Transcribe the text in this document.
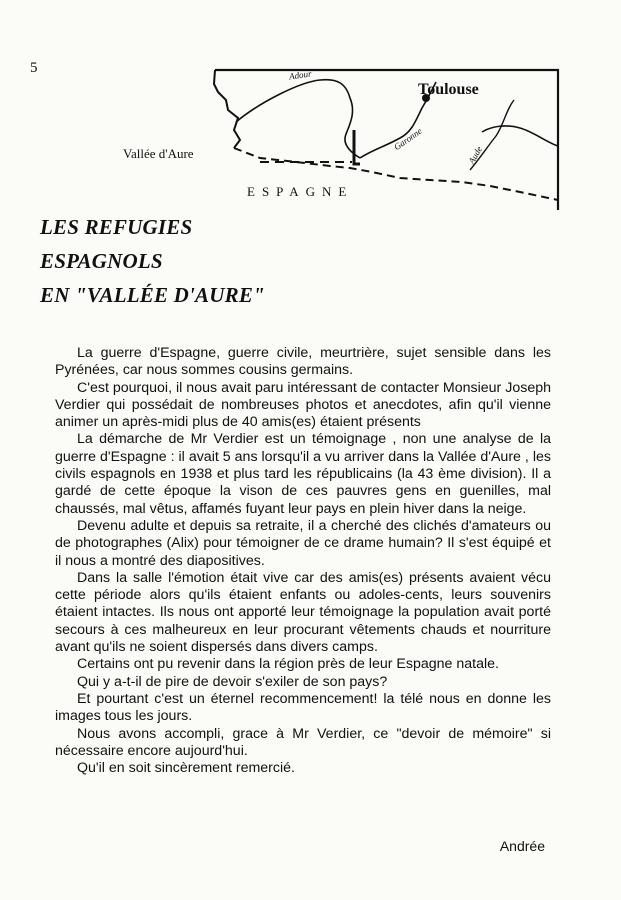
5
Vallée d'Aure
Toulouse
ESPAGNE
Adour
Garonne
Aude
LES REFUGIES
ESPAGNOLS
EN "VALLÉE D'AURE"

La guerre d'Espagne, guerre civile, meurtrière, sujet sensible dans les Pyrénées, car nous sommes cousins germains.

C'est pourquoi, il nous avait paru intéressant de contacter Monsieur Joseph Verdier qui possédait de nombreuses photos et anecdotes, afin qu'il vienne animer un après-midi plus de 40 amis(es) étaient présents

La démarche de Mr Verdier est un témoignage , non une analyse de la guerre d'Espagne : il avait 5 ans lorsqu'il a vu arriver dans la Vallée d'Aure , les civils espagnols en 1938 et plus tard les républicains (la 43 ème division). Il a gardé de cette époque la vison de ces pauvres gens en guenilles, mal chaussés, mal vêtus, affamés fuyant leur pays en plein hiver dans la neige.

Devenu adulte et depuis sa retraite, il a cherché des clichés d'amateurs ou de photographes (Alix) pour témoigner de ce drame humain? Il s'est équipé et il nous a montré des diapositives.

Dans la salle l'émotion était vive car des amis(es) présents avaient vécu cette période alors qu'ils étaient enfants ou adoles-cents, leurs souvenirs étaient intactes. Ils nous ont apporté leur témoignage la population avait porté secours à ces malheureux en leur procurant vêtements chauds et nourriture avant qu'ils ne soient dispersés dans divers camps.

Certains ont pu revenir dans la région près de leur Espagne natale.

Qui y a-t-il de pire de devoir s'exiler de son pays?

Et pourtant c'est un éternel recommencement! la télé nous en donne les images tous les jours.

Nous avons accompli, grace à Mr Verdier, ce "devoir de mémoire" si nécessaire encore aujourd'hui.

Qu'il en soit sincèrement remercié.

Andrée
